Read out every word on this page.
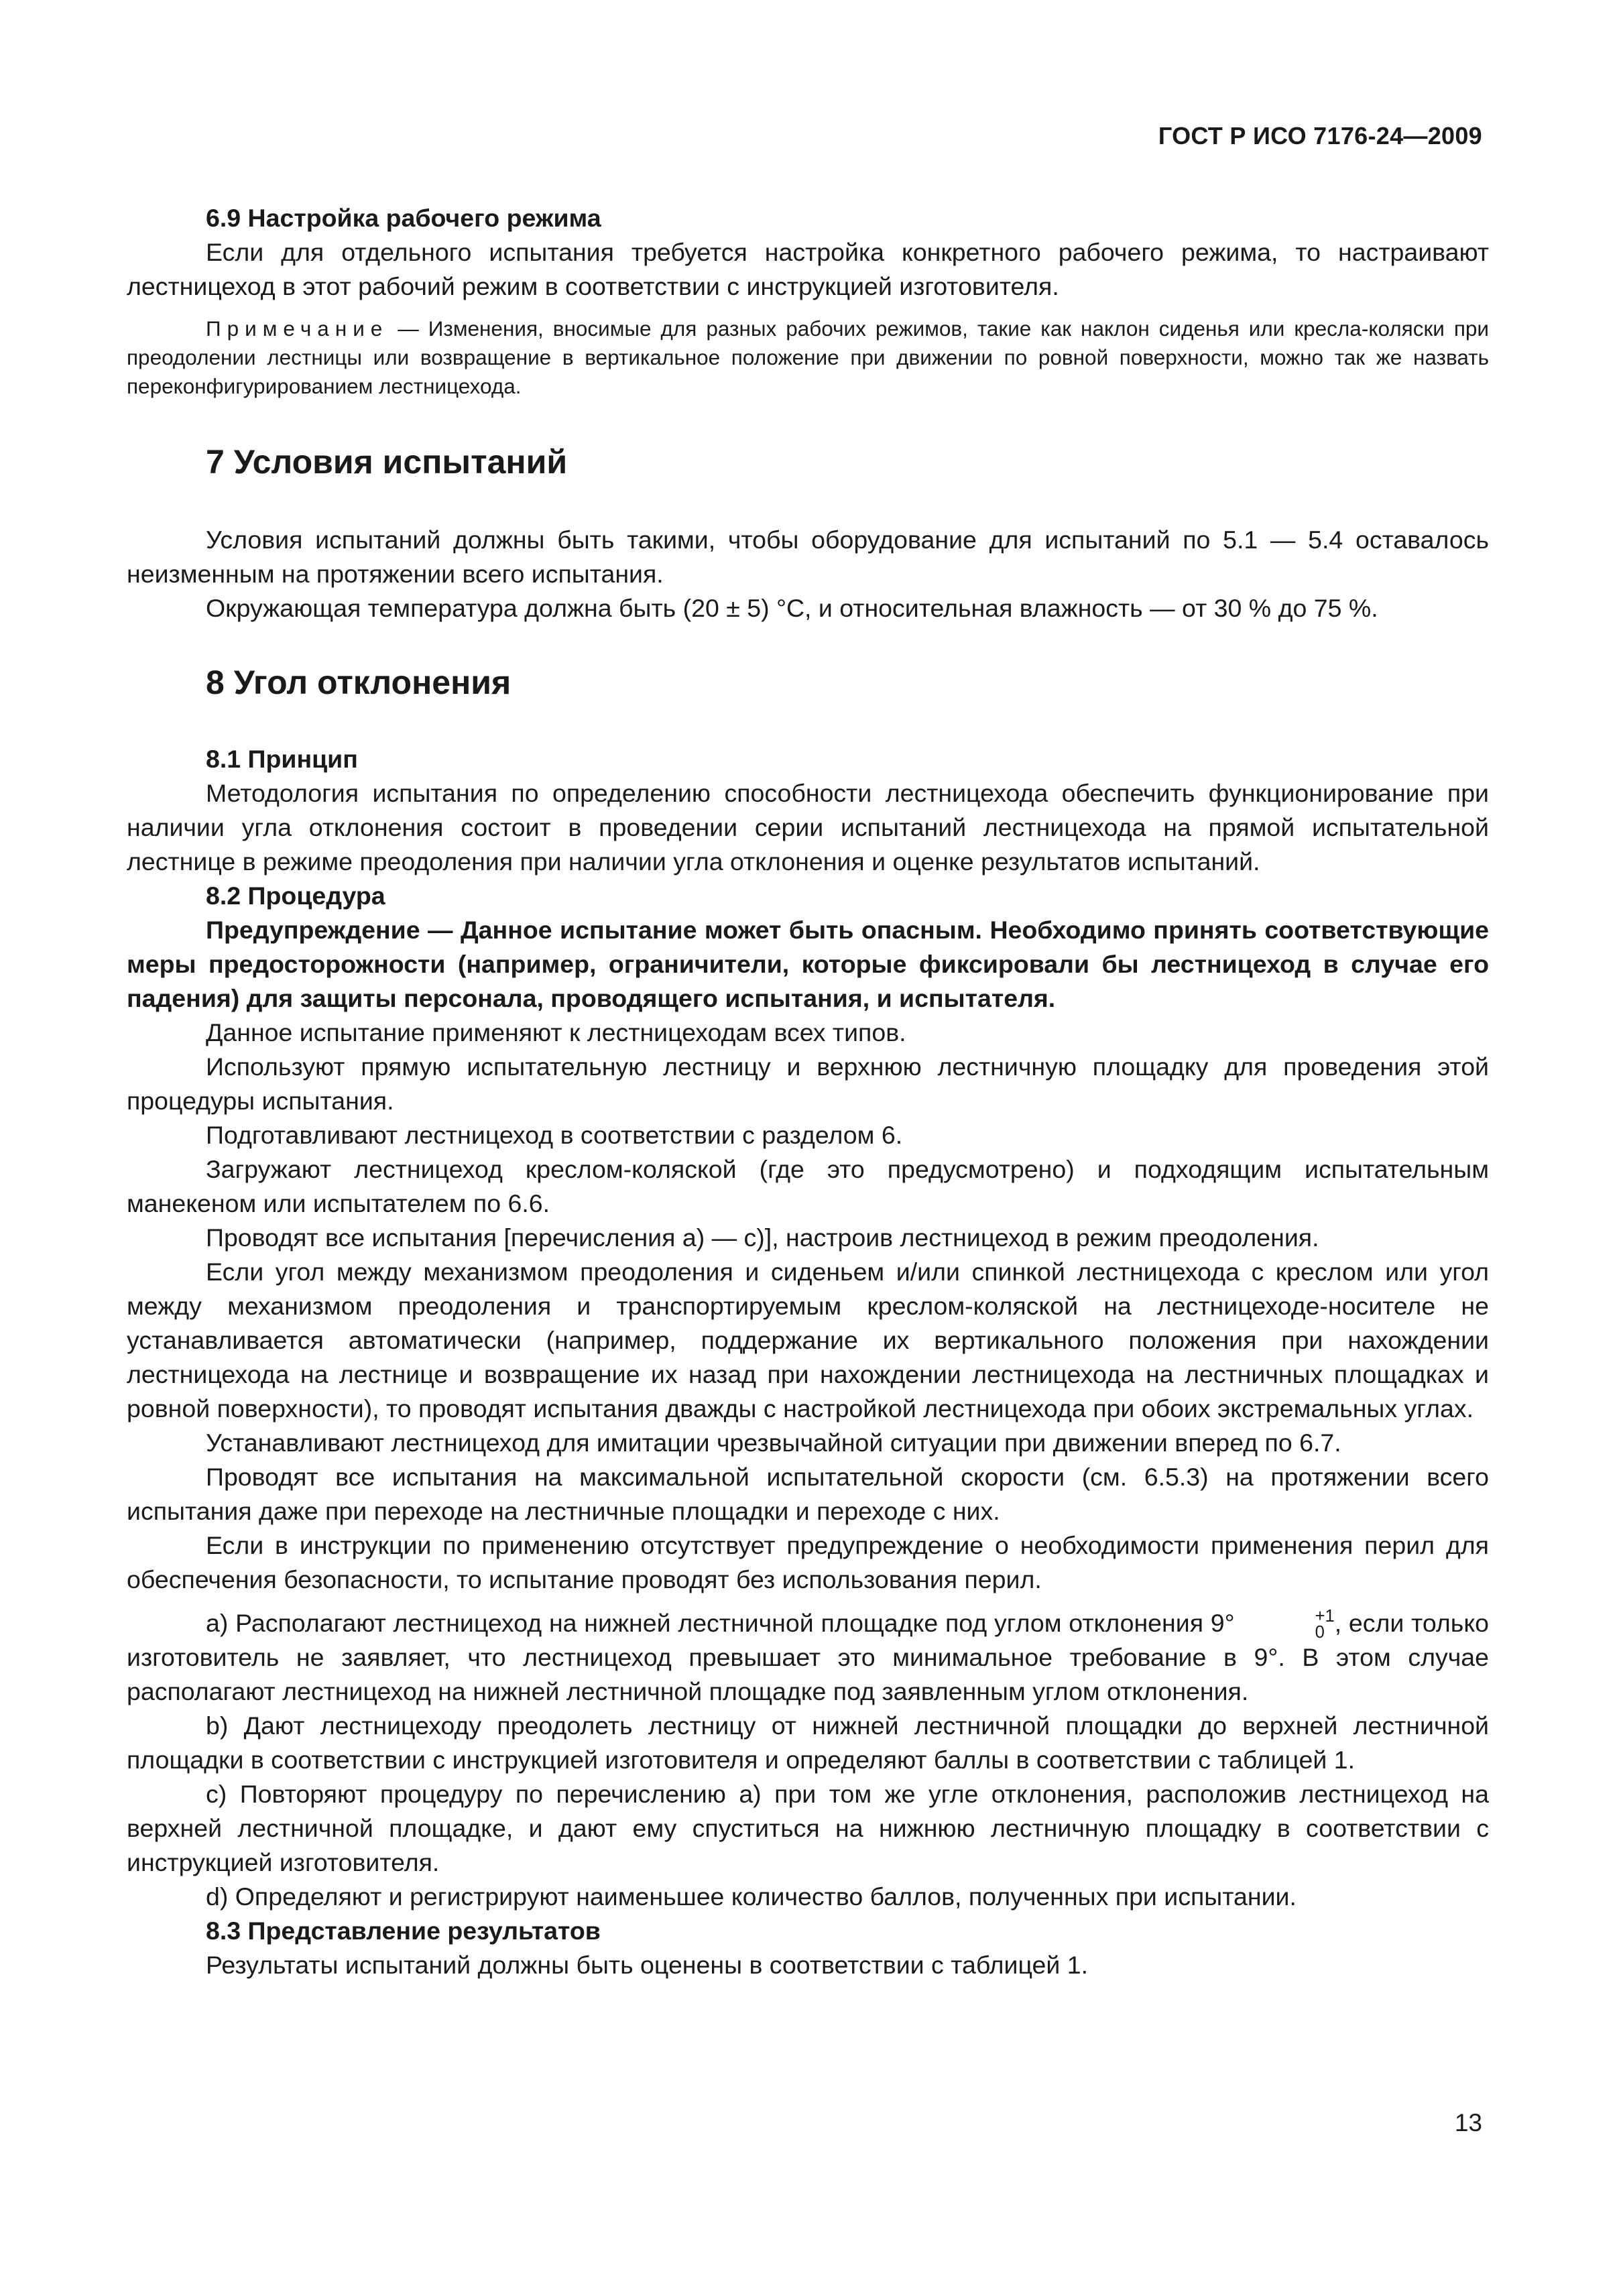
ГОСТ Р ИСО 7176-24—2009

6.9 Настройка рабочего режима

Если для отдельного испытания требуется настройка конкретного рабочего режима, то настраивают лестницеход в этот рабочий режим в соответствии с инструкцией изготовителя.

Примечание — Изменения, вносимые для разных рабочих режимов, такие как наклон сиденья или кресла-коляски при преодолении лестницы или возвращение в вертикальное положение при движении по ровной поверхности, можно так же назвать переконфигурированием лестницехода.

7 Условия испытаний

Условия испытаний должны быть такими, чтобы оборудование для испытаний по 5.1 — 5.4 оставалось неизменным на протяжении всего испытания.

Окружающая температура должна быть (20 ± 5) °С, и относительная влажность — от 30 % до 75 %.

8 Угол отклонения

8.1 Принцип

Методология испытания по определению способности лестницехода обеспечить функционирование при наличии угла отклонения состоит в проведении серии испытаний лестницехода на прямой испытательной лестнице в режиме преодоления при наличии угла отклонения и оценке результатов испытаний.

8.2 Процедура

Предупреждение — Данное испытание может быть опасным. Необходимо принять соответствующие меры предосторожности (например, ограничители, которые фиксировали бы лестницеход в случае его падения) для защиты персонала, проводящего испытания, и испытателя.

Данное испытание применяют к лестницеходам всех типов.

Используют прямую испытательную лестницу и верхнюю лестничную площадку для проведения этой процедуры испытания.

Подготавливают лестницеход в соответствии с разделом 6.

Загружают лестницеход креслом-коляской (где это предусмотрено) и подходящим испытательным манекеном или испытателем по 6.6.

Проводят все испытания [перечисления а) — с)], настроив лестницеход в режим преодоления.

Если угол между механизмом преодоления и сиденьем и/или спинкой лестницехода с креслом или угол между механизмом преодоления и транспортируемым креслом-коляской на лестницеходе-носителе не устанавливается автоматически (например, поддержание их вертикального положения при нахождении лестницехода на лестнице и возвращение их назад при нахождении лестницехода на лестничных площадках и ровной поверхности), то проводят испытания дважды с настройкой лестницехода при обоих экстремальных углах.

Устанавливают лестницеход для имитации чрезвычайной ситуации при движении вперед по 6.7.

Проводят все испытания на максимальной испытательной скорости (см. 6.5.3) на протяжении всего испытания даже при переходе на лестничные площадки и переходе с них.

Если в инструкции по применению отсутствует предупреждение о необходимости применения перил для обеспечения безопасности, то испытание проводят без использования перил.

a) Располагают лестницеход на нижней лестничной площадке под углом отклонения 9°	+1
0 , если только изготовитель не заявляет, что лестницеход превышает это минимальное требование в 9°. В этом случае располагают лестницеход на нижней лестничной площадке под заявленным углом отклонения.

b) Дают лестницеходу преодолеть лестницу от нижней лестничной площадки до верхней лестничной площадки в соответствии с инструкцией изготовителя и определяют баллы в соответствии с таблицей 1.

c) Повторяют процедуру по перечислению а) при том же угле отклонения, расположив лестницеход на верхней лестничной площадке, и дают ему спуститься на нижнюю лестничную площадку в соответствии с инструкцией изготовителя.

d) Определяют и регистрируют наименьшее количество баллов, полученных при испытании.

8.3 Представление результатов

Результаты испытаний должны быть оценены в соответствии с таблицей 1.

13
